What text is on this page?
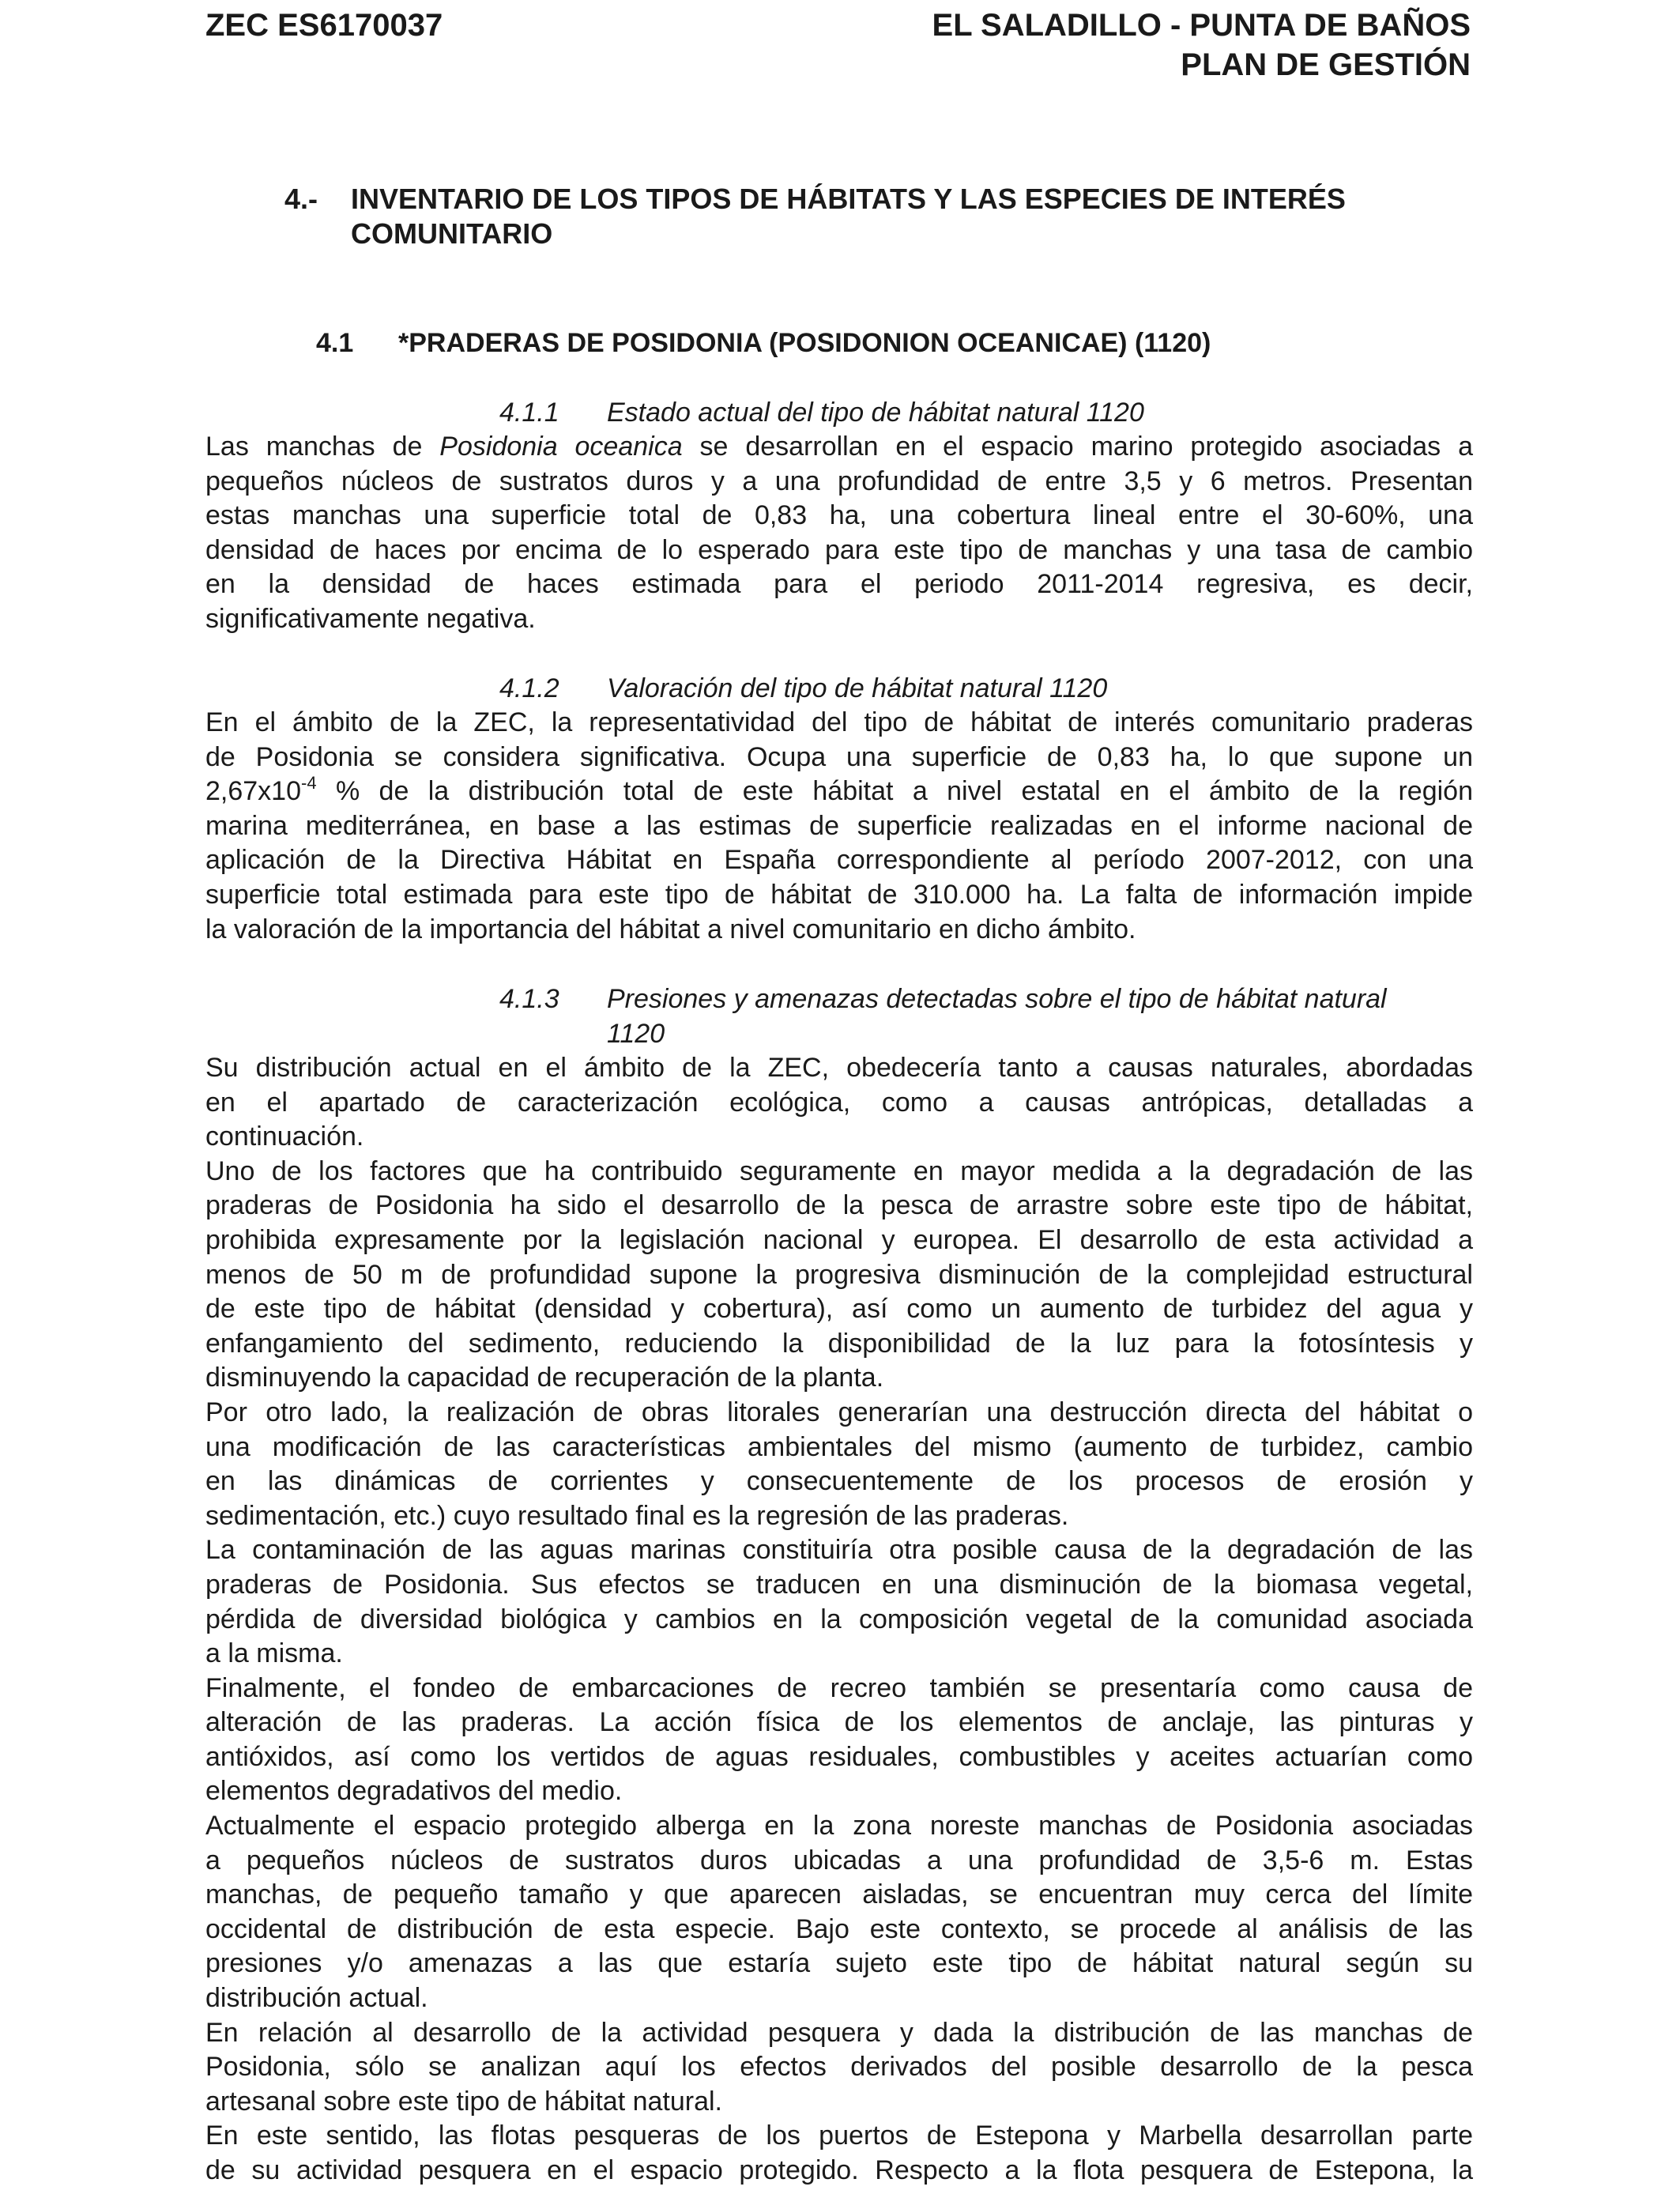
ZEC ES6170037	EL SALADILLO - PUNTA DE BAÑOS
PLAN DE GESTIÓN
4.- INVENTARIO DE LOS TIPOS DE HÁBITATS Y LAS ESPECIES DE INTERÉS
COMUNITARIO
4.1 *PRADERAS DE POSIDONIA (POSIDONION OCEANICAE) (1120)
4.1.1 Estado actual del tipo de hábitat natural 1120
Las manchas de Posidonia oceanica se desarrollan en el espacio marino protegido asociadas a
pequeños núcleos de sustratos duros y a una profundidad de entre 3,5 y 6 metros. Presentan
estas manchas una superficie total de 0,83 ha, una cobertura lineal entre el 30-60%, una
densidad de haces por encima de lo esperado para este tipo de manchas y una tasa de cambio
en la densidad de haces estimada para el periodo 2011-2014 regresiva, es decir,
significativamente negativa.
4.1.2 Valoración del tipo de hábitat natural 1120
En el ámbito de la ZEC, la representatividad del tipo de hábitat de interés comunitario praderas
de Posidonia se considera significativa. Ocupa una superficie de 0,83 ha, lo que supone un
$2,67x10^{-4}$ % de la distribución total de este hábitat a nivel estatal en el ámbito de la región
marina mediterránea, en base a las estimas de superficie realizadas en el informe nacional de
aplicación de la Directiva Hábitat en España correspondiente al período 2007-2012, con una
superficie total estimada para este tipo de hábitat de 310.000 ha. La falta de información impide
la valoración de la importancia del hábitat a nivel comunitario en dicho ámbito.
4.1.3 Presiones y amenazas detectadas sobre el tipo de hábitat natural
1120
Su distribución actual en el ámbito de la ZEC, obedecería tanto a causas naturales, abordadas
en el apartado de caracterización ecológica, como a causas antrópicas, detalladas a
continuación.
Uno de los factores que ha contribuido seguramente en mayor medida a la degradación de las
praderas de Posidonia ha sido el desarrollo de la pesca de arrastre sobre este tipo de hábitat,
prohibida expresamente por la legislación nacional y europea. El desarrollo de esta actividad a
menos de 50 m de profundidad supone la progresiva disminución de la complejidad estructural
de este tipo de hábitat (densidad y cobertura), así como un aumento de turbidez del agua y
enfangamiento del sedimento, reduciendo la disponibilidad de la luz para la fotosíntesis y
disminuyendo la capacidad de recuperación de la planta.
Por otro lado, la realización de obras litorales generarían una destrucción directa del hábitat o
una modificación de las características ambientales del mismo (aumento de turbidez, cambio
en las dinámicas de corrientes y consecuentemente de los procesos de erosión y
sedimentación, etc.) cuyo resultado final es la regresión de las praderas.
La contaminación de las aguas marinas constituiría otra posible causa de la degradación de las
praderas de Posidonia. Sus efectos se traducen en una disminución de la biomasa vegetal,
pérdida de diversidad biológica y cambios en la composición vegetal de la comunidad asociada
a la misma.
Finalmente, el fondeo de embarcaciones de recreo también se presentaría como causa de
alteración de las praderas. La acción física de los elementos de anclaje, las pinturas y
antióxidos, así como los vertidos de aguas residuales, combustibles y aceites actuarían como
elementos degradativos del medio.
Actualmente el espacio protegido alberga en la zona noreste manchas de Posidonia asociadas
a pequeños núcleos de sustratos duros ubicadas a una profundidad de 3,5-6 m. Estas
manchas, de pequeño tamaño y que aparecen aisladas, se encuentran muy cerca del límite
occidental de distribución de esta especie. Bajo este contexto, se procede al análisis de las
presiones y/o amenazas a las que estaría sujeto este tipo de hábitat natural según su
distribución actual.
En relación al desarrollo de la actividad pesquera y dada la distribución de las manchas de
Posidonia, sólo se analizan aquí los efectos derivados del posible desarrollo de la pesca
artesanal sobre este tipo de hábitat natural.
En este sentido, las flotas pesqueras de los puertos de Estepona y Marbella desarrollan parte
de su actividad pesquera en el espacio protegido. Respecto a la flota pesquera de Estepona, la
